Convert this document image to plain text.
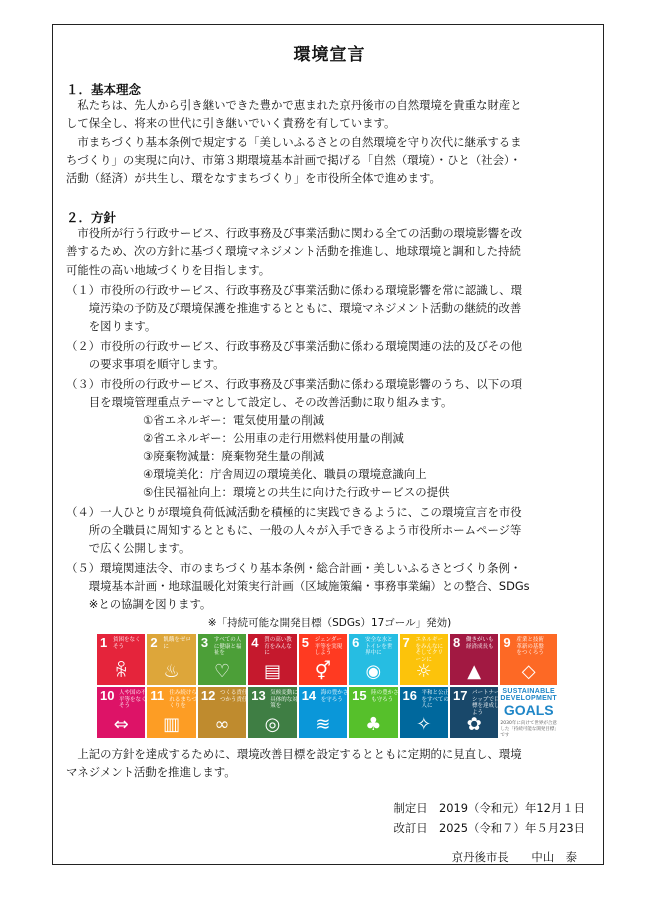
環境宣言
１．基本理念
　私たちは、先人から引き継いできた豊かで恵まれた京丹後市の自然環境を貴重な財産と
して保全し、将来の世代に引き継いでいく責務を有しています。
　市まちづくり基本条例で規定する「美しいふるさとの自然環境を守り次代に継承するま
ちづくり」の実現に向け、市第３期環境基本計画で掲げる「自然（環境）・ひと（社会）・
活動（経済）が共生し、環をなすまちづくり」を市役所全体で進めます。
２．方針
　市役所が行う行政サービス、行政事務及び事業活動に関わる全ての活動の環境影響を改
善するため、次の方針に基づく環境マネジメント活動を推進し、地球環境と調和した持続
可能性の高い地域づくりを目指します。
（１）市役所の行政サービス、行政事務及び事業活動に係わる環境影響を常に認識し、環
　　境汚染の予防及び環境保護を推進するとともに、環境マネジメント活動の継続的改善
　　を図ります。
（２）市役所の行政サービス、行政事務及び事業活動に係わる環境関連の法的及びその他
　　の要求事項を順守します。
（３）市役所の行政サービス、行政事務及び事業活動に係わる環境影響のうち、以下の項
　　目を環境管理重点テーマとして設定し、その改善活動に取り組みます。
①省エネルギー：電気使用量の削減
②省エネルギー：公用車の走行用燃料使用量の削減
③廃棄物減量：廃棄物発生量の削減
④環境美化：庁舎周辺の環境美化、職員の環境意識向上
⑤住民福祉向上：環境との共生に向けた行政サービスの提供
（４）一人ひとりが環境負荷低減活動を積極的に実践できるように、この環境宣言を市役
　　所の全職員に周知するとともに、一般の人々が入手できるよう市役所ホームページ等
　　で広く公開します。
（５）環境関連法令、市のまちづくり基本条例・総合計画・美しいふるさとづくり条例・
　　環境基本計画・地球温暖化対策実行計画（区域施策編・事務事業編）との整合、SDGs
　　※との協調を図ります。
※「持続可能な開発目標（SDGs）17ゴール」発効)
1 貧困をなくそう
ꆜ
2 飢餓をゼロに
♨
3 すべての人に健康と福祉を
♡
4 質の高い教育をみんなに
▤
5 ジェンダー平等を実現しよう
⚥
6 安全な水とトイレを世界中に
◉
7 エネルギーをみんなにそしてクリーンに
☼
8 働きがいも経済成長も
▲
9 産業と技術革新の基盤をつくろう
◇
10 人や国の不平等をなくそう
⇔
11 住み続けられるまちづくりを
▥
12 つくる責任つかう責任
∞
13 気候変動に具体的な対策を
◎
14 海の豊かさを守ろう
≋
15 陸の豊かさも守ろう
♣
16 平和と公正をすべての人に
✧
17 パートナーシップで目標を達成しよう
✿
SUSTAINABLE
DEVELOPMENT
GOALS
2030年に向けて世界が合意した「持続可能な開発目標」です
　上記の方針を達成するために、環境改善目標を設定するとともに定期的に見直し、環境
マネジメント活動を推進します。
制定日　2019（令和元）年12月１日
改訂日　2025（令和７）年５月23日
京丹後市長　　中山　泰
